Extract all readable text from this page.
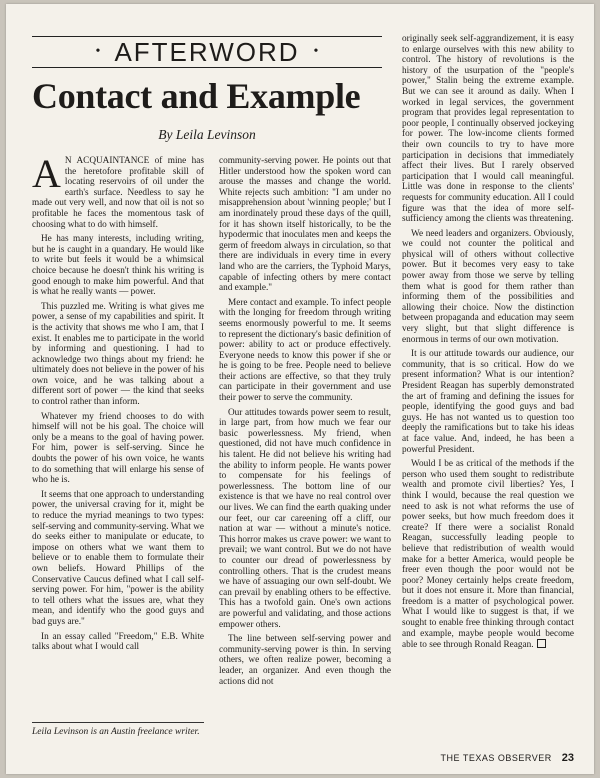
• AFTERWORD •
Contact and Example
By Leila Levinson

A N ACQUAINTANCE of mine has the heretofore profitable skill of locating reservoirs of oil under the earth's surface. Needless to say he made out very well, and now that oil is not so profitable he faces the momentous task of choosing what to do with himself.

He has many interests, including writing, but he is caught in a quandary. He would like to write but feels it would be a whimsical choice because he doesn't think his writing is good enough to make him powerful. And that is what he really wants — power.

This puzzled me. Writing is what gives me power, a sense of my capabilities and spirit. It is the activity that shows me who I am, that I exist. It enables me to participate in the world by informing and questioning. I had to acknowledge two things about my friend: he ultimately does not believe in the power of his own voice, and he was talking about a different sort of power — the kind that seeks to control rather than inform.

Whatever my friend chooses to do with himself will not be his goal. The choice will only be a means to the goal of having power. For him, power is self-serving. Since he doubts the power of his own voice, he wants to do something that will enlarge his sense of who he is.

It seems that one approach to understanding power, the universal craving for it, might be to reduce the myriad meanings to two types: self-serving and community-serving. What we do seeks either to manipulate or educate, to impose on others what we want them to believe or to enable them to formulate their own beliefs. Howard Phillips of the Conservative Caucus defined what I call self-serving power. For him, "power is the ability to tell others what the issues are, what they mean, and identify who the good guys and bad guys are."

In an essay called "Freedom," E.B. White talks about what I would call

Leila Levinson is an Austin freelance writer.

community-serving power. He points out that Hitler understood how the spoken word can arouse the masses and change the world. White rejects such ambition: "I am under no misapprehension about 'winning people;' but I am inordinately proud these days of the quill, for it has shown itself historically, to be the hypodermic that inoculates men and keeps the germ of freedom always in circulation, so that there are individuals in every time in every land who are the carriers, the Typhoid Marys, capable of infecting others by mere contact and example."

Mere contact and example. To infect people with the longing for freedom through writing seems enormously powerful to me. It seems to represent the dictionary's basic definition of power: ability to act or produce effectively. Everyone needs to know this power if she or he is going to be free. People need to believe their actions are effective, so that they truly can participate in their government and use their power to serve the community.

Our attitudes towards power seem to result, in large part, from how much we fear our basic powerlessness. My friend, when questioned, did not have much confidence in his talent. He did not believe his writing had the ability to inform people. He wants power to compensate for his feelings of powerlessness. The bottom line of our existence is that we have no real control over our lives. We can find the earth quaking under our feet, our car careening off a cliff, our nation at war — without a minute's notice. This horror makes us crave power: we want to prevail; we want control. But we do not have to counter our dread of powerlessness by controlling others. That is the crudest means we have of assuaging our own self-doubt. We can prevail by enabling others to be effective. This has a twofold gain. One's own actions are powerful and validating, and those actions empower others.

The line between self-serving power and community-serving power is thin. In serving others, we often realize power, becoming a leader, an organizer. And even though the actions did not

originally seek self-aggrandizement, it is easy to enlarge ourselves with this new ability to control. The history of revolutions is the history of the usurpation of the "people's power," Stalin being the extreme example. But we can see it around as daily. When I worked in legal services, the government program that provides legal representation to poor people, I continually observed jockeying for power. The low-income clients formed their own councils to try to have more participation in decisions that immediately affect their lives. But I rarely observed participation that I would call meaningful. Little was done in response to the clients' requests for community education. All I could figure was that the idea of more self-sufficiency among the clients was threatening.

We need leaders and organizers. Obviously, we could not counter the political and physical will of others without collective power. But it becomes very easy to take power away from those we serve by telling them what is good for them rather than informing them of the possibilities and allowing their choice. Now the distinction between propaganda and education may seem very slight, but that slight difference is enormous in terms of our own motivation.

It is our attitude towards our audience, our community, that is so critical. How do we present information? What is our intention? President Reagan has superbly demonstrated the art of framing and defining the issues for people, identifying the good guys and bad guys. He has not wanted us to question too deeply the ramifications but to take his ideas at face value. And, indeed, he has been a powerful President.

Would I be as critical of the methods if the person who used them sought to redistribute wealth and promote civil liberties? Yes, I think I would, because the real question we need to ask is not what reforms the use of power seeks, but how much freedom does it create? If there were a socialist Ronald Reagan, successfully leading people to believe that redistribution of wealth would make for a better America, would people be freer even though the poor would not be poor? Money certainly helps create freedom, but it does not ensure it. More than financial, freedom is a matter of psychological power. What I would like to suggest is that, if we sought to enable free thinking through contact and example, maybe people would become able to see through Ronald Reagan.

THE TEXAS OBSERVER 23
